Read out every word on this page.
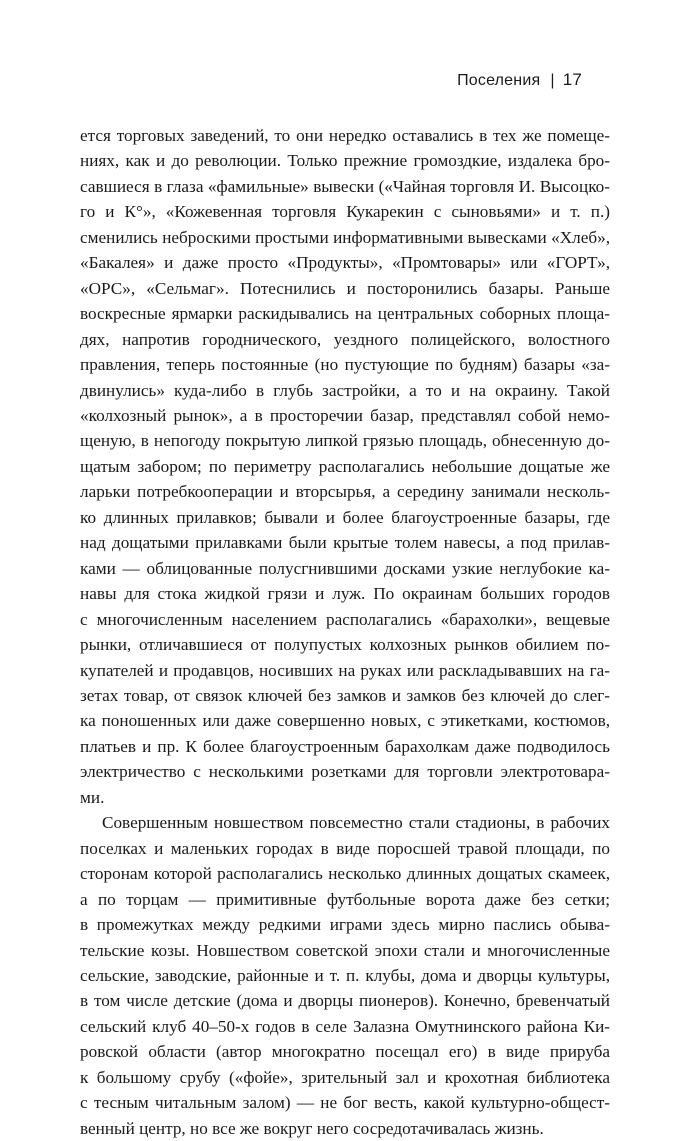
Поселения | 17

ется торговых заведений, то они нередко оставались в тех же помеще-
ниях, как и до революции. Только прежние громоздкие, издалека бро-
савшиеся в глаза «фамильные» вывески («Чайная торговля И. Высоцко-
го и К°», «Кожевенная торговля Кукарекин с сыновьями» и т. п.)
сменились неброскими простыми информативными вывесками «Хлеб»,
«Бакалея» и даже просто «Продукты», «Промтовары» или «ГОРТ»,
«ОРС», «Сельмаг». Потеснились и посторонились базары. Раньше
воскресные ярмарки раскидывались на центральных соборных площа-
дях, напротив городнического, уездного полицейского, волостного
правления, теперь постоянные (но пустующие по будням) базары «за-
двинулись» куда-либо в глубь застройки, а то и на окраину. Такой
«колхозный рынок», а в просторечии базар, представлял собой немо-
щеную, в непогоду покрытую липкой грязью площадь, обнесенную до-
щатым забором; по периметру располагались небольшие дощатые же
ларьки потребкооперации и вторсырья, а середину занимали несколь-
ко длинных прилавков; бывали и более благоустроенные базары, где
над дощатыми прилавками были крытые толем навесы, а под прилав-
ками — облицованные полусгнившими досками узкие неглубокие ка-
навы для стока жидкой грязи и луж. По окраинам больших городов
с многочисленным населением располагались «барахолки», вещевые
рынки, отличавшиеся от полупустых колхозных рынков обилием по-
купателей и продавцов, носивших на руках или раскладывавших на га-
зетах товар, от связок ключей без замков и замков без ключей до слег-
ка поношенных или даже совершенно новых, с этикетками, костюмов,
платьев и пр. К более благоустроенным барахолкам даже подводилось
электричество с несколькими розетками для торговли электротовара-
ми.

Совершенным новшеством повсеместно стали стадионы, в рабочих
поселках и маленьких городах в виде поросшей травой площади, по
сторонам которой располагались несколько длинных дощатых скамеек,
а по торцам — примитивные футбольные ворота даже без сетки;
в промежутках между редкими играми здесь мирно паслись обыва-
тельские козы. Новшеством советской эпохи стали и многочисленные
сельские, заводские, районные и т. п. клубы, дома и дворцы культуры,
в том числе детские (дома и дворцы пионеров). Конечно, бревенчатый
сельский клуб 40–50-х годов в селе Залазна Омутнинского района Ки-
ровской области (автор многократно посещал его) в виде прируба
к большому срубу («фойе», зрительный зал и крохотная библиотека
с тесным читальным залом) — не бог весть, какой культурно-общест-
венный центр, но все же вокруг него сосредотачивалась жизнь.
